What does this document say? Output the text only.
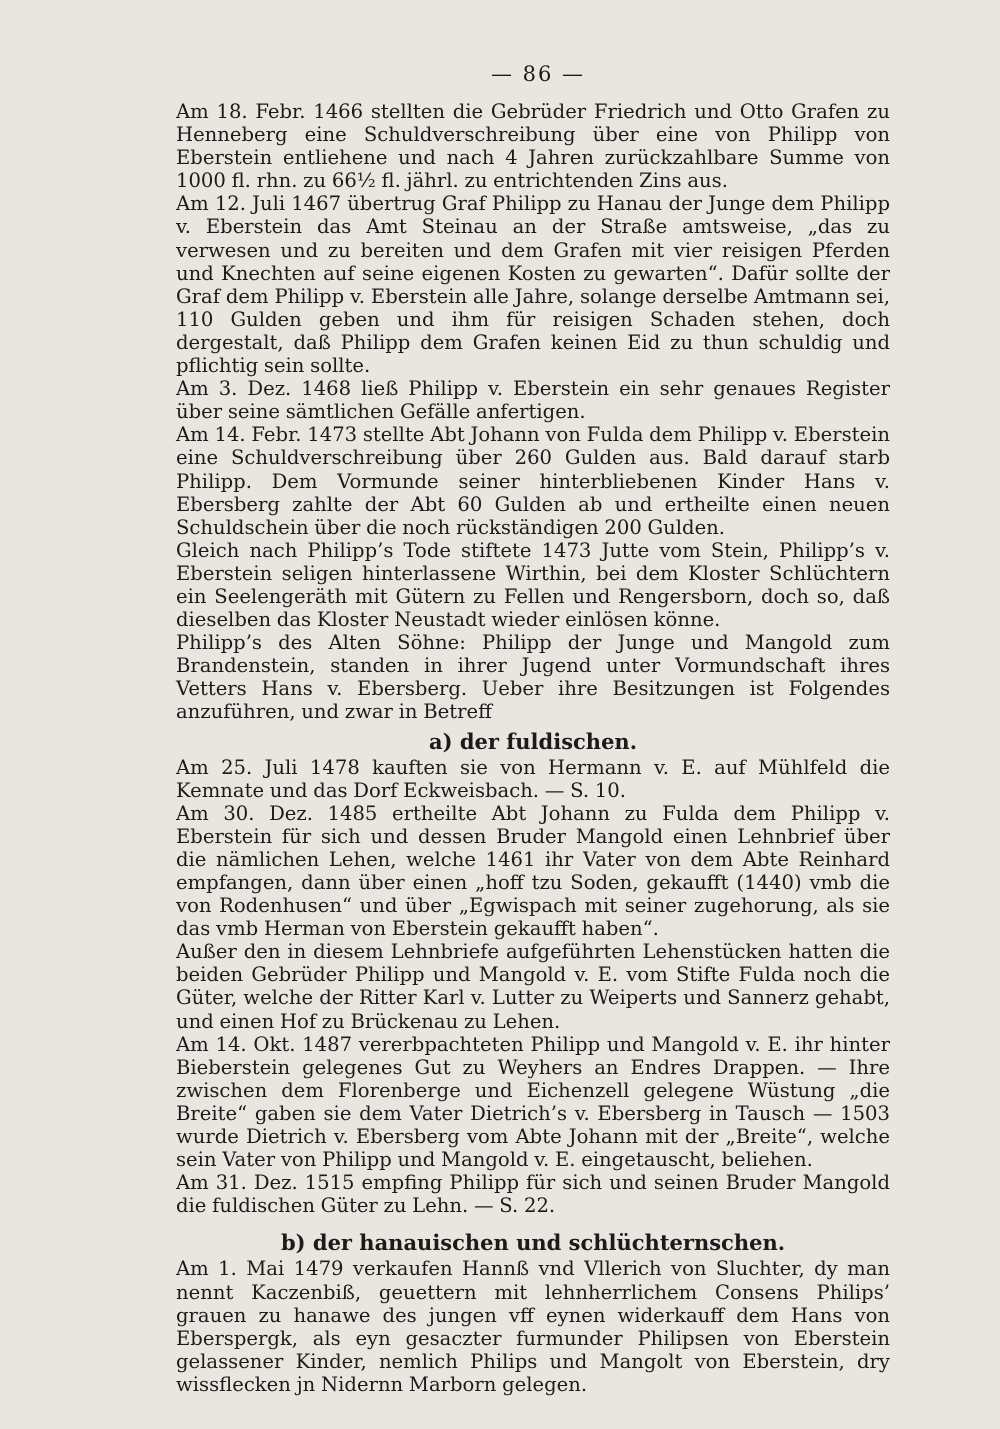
— 86 —

Am 18. Febr. 1466 stellten die Gebrüder Friedrich und Otto Grafen zu Henneberg eine Schuldverschreibung über eine von Philipp von Eberstein entliehene und nach 4 Jahren zurückzahlbare Summe von 1000 fl. rhn. zu 66½ fl. jährl. zu entrichtenden Zins aus.

Am 12. Juli 1467 übertrug Graf Philipp zu Hanau der Junge dem Philipp v. Eberstein das Amt Steinau an der Straße amtsweise, „das zu verwesen und zu bereiten und dem Grafen mit vier reisigen Pferden und Knechten auf seine eigenen Kosten zu gewarten“. Dafür sollte der Graf dem Philipp v. Eberstein alle Jahre, solange derselbe Amtmann sei, 110 Gulden geben und ihm für reisigen Schaden stehen, doch dergestalt, daß Philipp dem Grafen keinen Eid zu thun schuldig und pflichtig sein sollte.

Am 3. Dez. 1468 ließ Philipp v. Eberstein ein sehr genaues Register über seine sämtlichen Gefälle anfertigen.

Am 14. Febr. 1473 stellte Abt Johann von Fulda dem Philipp v. Eberstein eine Schuldverschreibung über 260 Gulden aus. Bald darauf starb Philipp. Dem Vormunde seiner hinterbliebenen Kinder Hans v. Ebersberg zahlte der Abt 60 Gulden ab und ertheilte einen neuen Schuldschein über die noch rückständigen 200 Gulden.

Gleich nach Philipp’s Tode stiftete 1473 Jutte vom Stein, Philipp’s v. Eberstein seligen hinterlassene Wirthin, bei dem Kloster Schlüchtern ein Seelengeräth mit Gütern zu Fellen und Rengersborn, doch so, daß dieselben das Kloster Neustadt wieder einlösen könne.

Philipp’s des Alten Söhne: Philipp der Junge und Mangold zum Brandenstein, standen in ihrer Jugend unter Vormundschaft ihres Vetters Hans v. Ebersberg. Ueber ihre Besitzungen ist Folgendes anzuführen, und zwar in Betreff

a) der fuldischen.

Am 25. Juli 1478 kauften sie von Hermann v. E. auf Mühlfeld die Kemnate und das Dorf Eckweisbach. — S. 10.

Am 30. Dez. 1485 ertheilte Abt Johann zu Fulda dem Philipp v. Eberstein für sich und dessen Bruder Mangold einen Lehnbrief über die nämlichen Lehen, welche 1461 ihr Vater von dem Abte Reinhard empfangen, dann über einen „hoff tzu Soden, gekaufft (1440) vmb die von Rodenhusen“ und über „Egwispach mit seiner zugehorung, als sie das vmb Herman von Eberstein gekaufft haben“.

Außer den in diesem Lehnbriefe aufgeführten Lehenstücken hatten die beiden Gebrüder Philipp und Mangold v. E. vom Stifte Fulda noch die Güter, welche der Ritter Karl v. Lutter zu Weiperts und Sannerz gehabt, und einen Hof zu Brückenau zu Lehen.

Am 14. Okt. 1487 vererbpachteten Philipp und Mangold v. E. ihr hinter Bieberstein gelegenes Gut zu Weyhers an Endres Drappen. — Ihre zwischen dem Florenberge und Eichenzell gelegene Wüstung „die Breite“ gaben sie dem Vater Dietrich’s v. Ebersberg in Tausch — 1503 wurde Dietrich v. Ebersberg vom Abte Johann mit der „Breite“, welche sein Vater von Philipp und Mangold v. E. eingetauscht, beliehen.

Am 31. Dez. 1515 empfing Philipp für sich und seinen Bruder Mangold die fuldischen Güter zu Lehn. — S. 22.

b) der hanauischen und schlüchternschen.

Am 1. Mai 1479 verkaufen Hannß vnd Vllerich von Sluchter, dy man nennt Kaczenbiß, geuettern mit lehnherrlichem Consens Philips’ grauen zu hanawe des jungen vff eynen widerkauff dem Hans von Eberspergk, als eyn gesaczter furmunder Philipsen von Eberstein gelassener Kinder, nemlich Philips und Mangolt von Eberstein, dry wissflecken jn Nidernn Marborn gelegen.
